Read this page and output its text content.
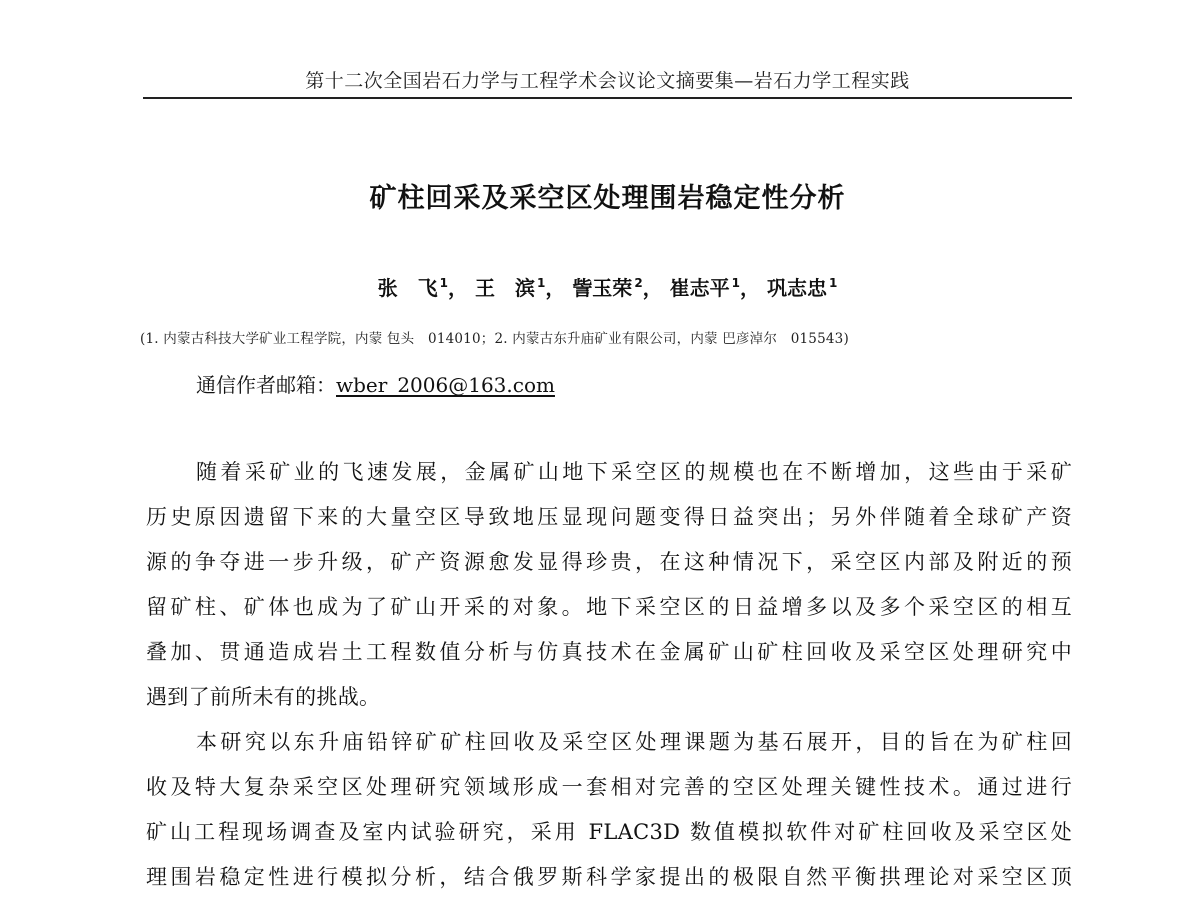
第十二次全国岩石力学与工程学术会议论文摘要集—岩石力学工程实践
矿柱回采及采空区处理围岩稳定性分析
张　飞 $^1$， 王　滨 $^1$， 訾玉荣 $^2$， 崔志平 $^1$， 巩志忠 $^1$
(1. 内蒙古科技大学矿业工程学院，内蒙 包头　014010；2. 内蒙古东升庙矿业有限公司，内蒙 巴彦淖尔　015543)
通信作者邮箱：wber_2006@163.com
随着采矿业的飞速发展，金属矿山地下采空区的规模也在不断增加，这些由于采矿
历史原因遗留下来的大量空区导致地压显现问题变得日益突出；另外伴随着全球矿产资
源的争夺进一步升级，矿产资源愈发显得珍贵，在这种情况下，采空区内部及附近的预
留矿柱、矿体也成为了矿山开采的对象。地下采空区的日益增多以及多个采空区的相互
叠加、贯通造成岩土工程数值分析与仿真技术在金属矿山矿柱回收及采空区处理研究中
遇到了前所未有的挑战。
本研究以东升庙铅锌矿矿柱回收及采空区处理课题为基石展开，目的旨在为矿柱回
收及特大复杂采空区处理研究领域形成一套相对完善的空区处理关键性技术。通过进行
矿山工程现场调查及室内试验研究，采用 FLAC3D 数值模拟软件对矿柱回收及采空区处
理围岩稳定性进行模拟分析，结合俄罗斯科学家提出的极限自然平衡拱理论对采空区顶
